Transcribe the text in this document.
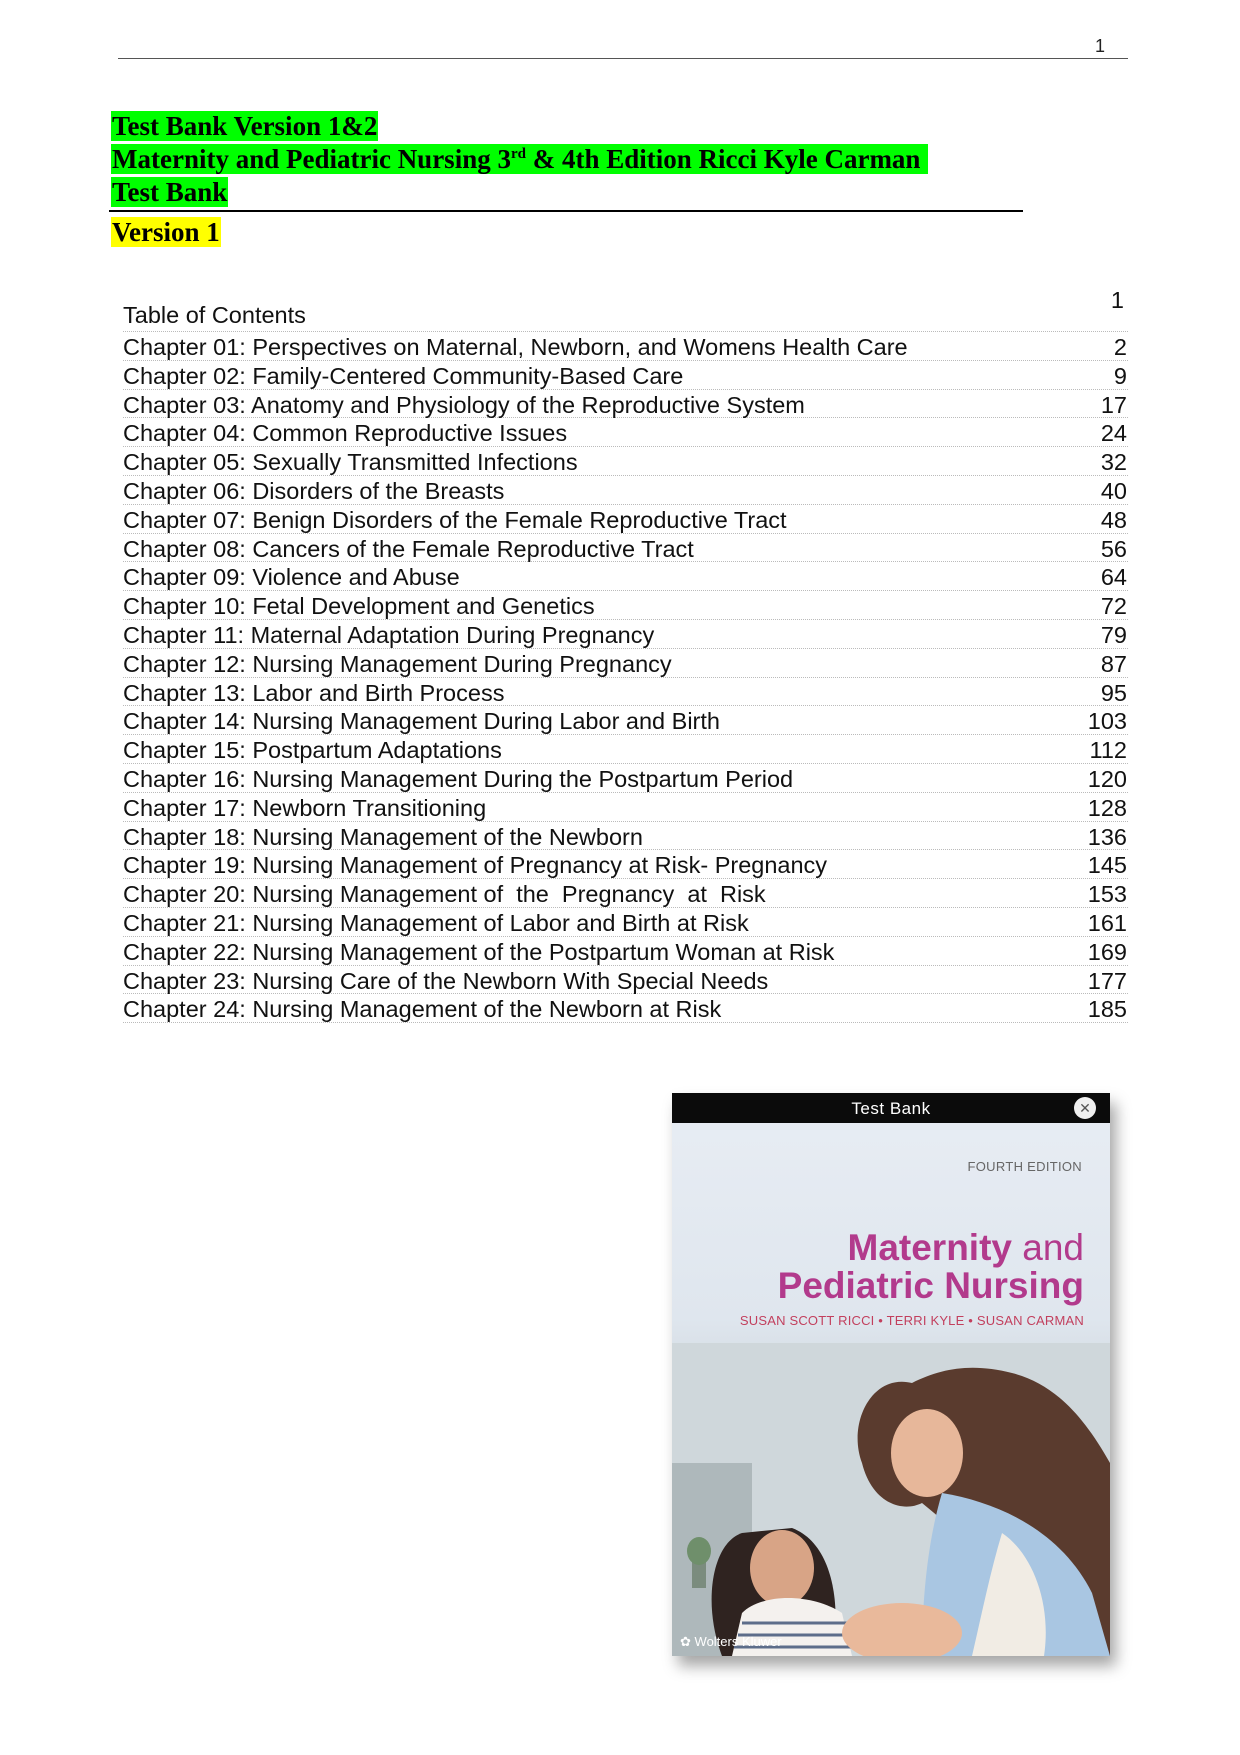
1
Test Bank Version 1&2
Maternity and Pediatric Nursing 3rd & 4th Edition Ricci Kyle Carman
Test Bank
Version 1
Table of Contents
1
Chapter 01: Perspectives on Maternal, Newborn, and Womens Health Care	2
Chapter 02: Family-Centered Community-Based Care	9
Chapter 03: Anatomy and Physiology of the Reproductive System	17
Chapter 04: Common Reproductive Issues	24
Chapter 05: Sexually Transmitted Infections	32
Chapter 06: Disorders of the Breasts	40
Chapter 07: Benign Disorders of the Female Reproductive Tract	48
Chapter 08: Cancers of the Female Reproductive Tract	56
Chapter 09: Violence and Abuse	64
Chapter 10: Fetal Development and Genetics	72
Chapter 11: Maternal Adaptation During Pregnancy	79
Chapter 12: Nursing Management During Pregnancy	87
Chapter 13: Labor and Birth Process	95
Chapter 14: Nursing Management During Labor and Birth	103
Chapter 15: Postpartum Adaptations	112
Chapter 16: Nursing Management During the Postpartum Period	120
Chapter 17: Newborn Transitioning	128
Chapter 18: Nursing Management of the Newborn	136
Chapter 19: Nursing Management of Pregnancy at Risk- Pregnancy	145
Chapter 20: Nursing Management of  the  Pregnancy  at  Risk	153
Chapter 21: Nursing Management of Labor and Birth at Risk	161
Chapter 22: Nursing Management of the Postpartum Woman at Risk	169
Chapter 23: Nursing Care of the Newborn With Special Needs	177
Chapter 24: Nursing Management of the Newborn at Risk	185
Test Bank	✕
FOURTH EDITION
Maternity and
Pediatric Nursing
SUSAN SCOTT RICCI • TERRI KYLE • SUSAN CARMAN
✿ Wolters Kluwer
